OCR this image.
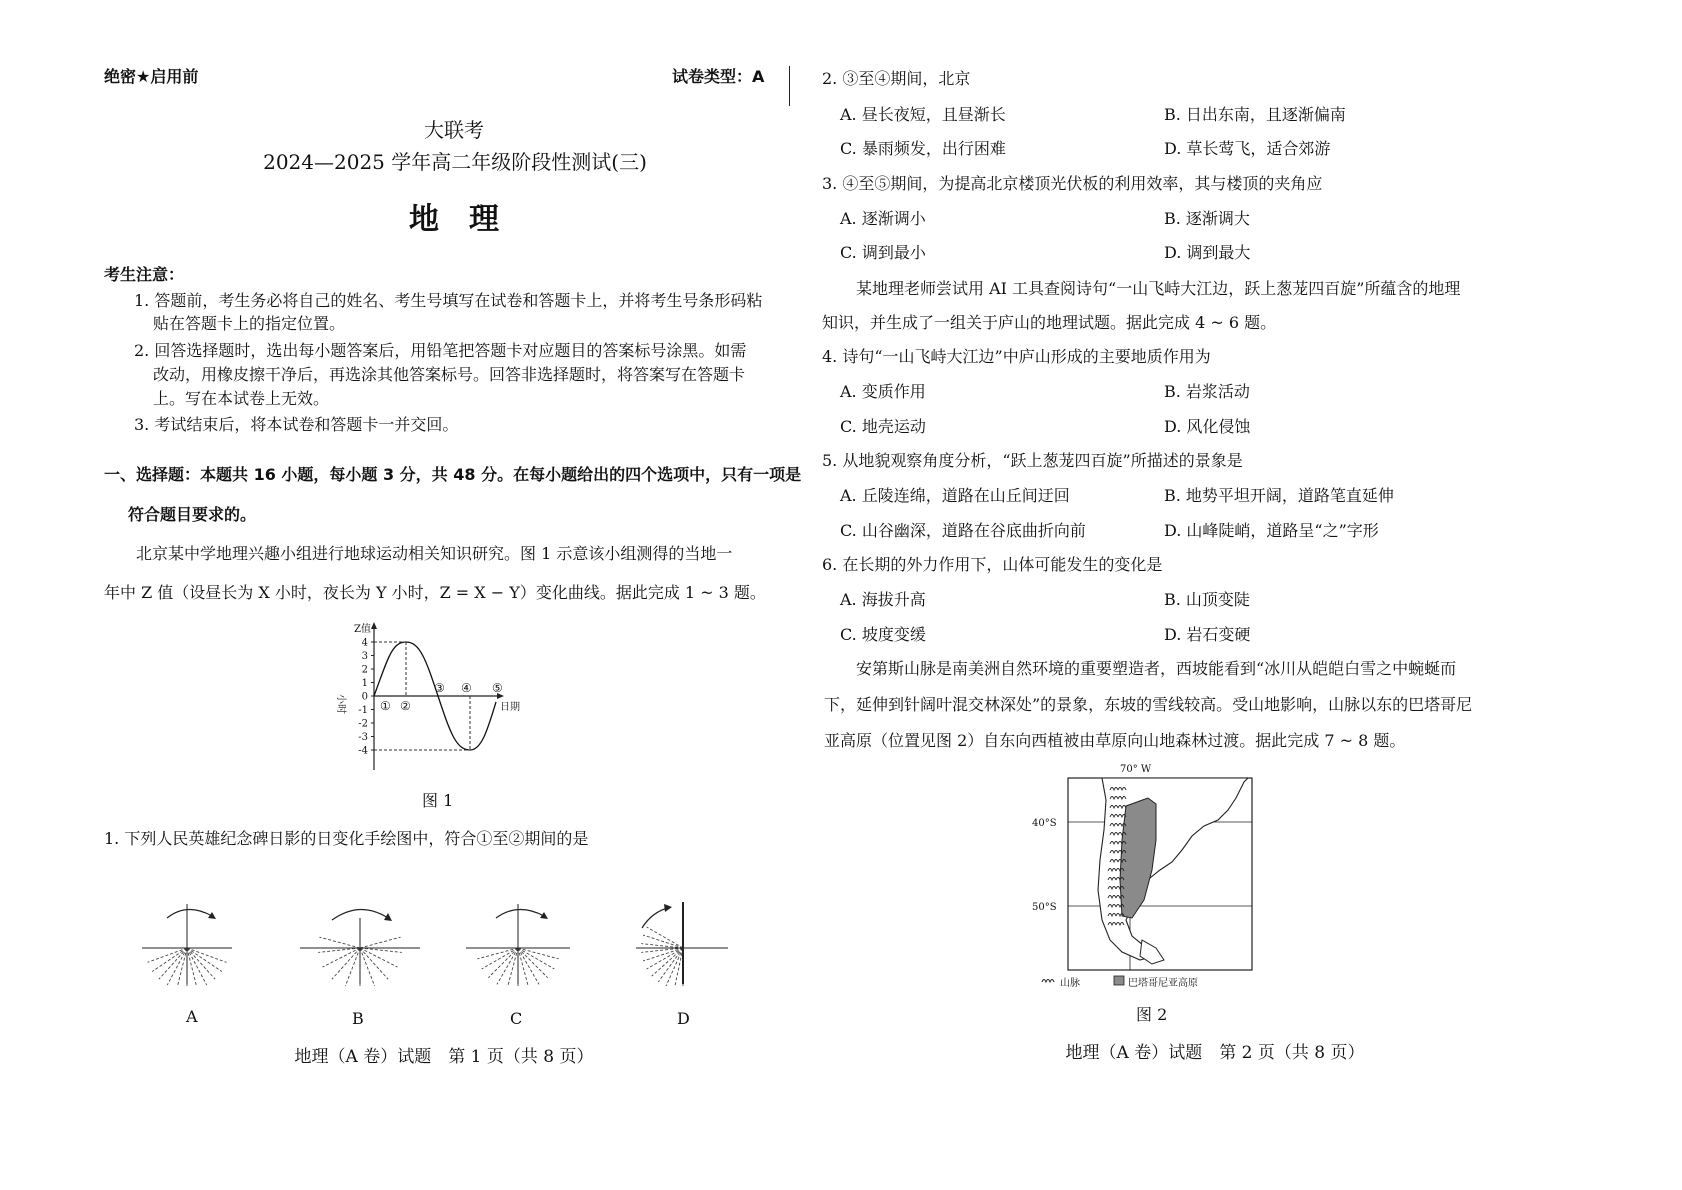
绝密★启用前	试卷类型：A
大联考
2024—2025 学年高二年级阶段性测试(三)
地　理
考生注意：
1. 答题前，考生务必将自己的姓名、考生号填写在试卷和答题卡上，并将考生号条形码粘
贴在答题卡上的指定位置。
2. 回答选择题时，选出每小题答案后，用铅笔把答题卡对应题目的答案标号涂黑。如需
改动，用橡皮擦干净后，再选涂其他答案标号。回答非选择题时，将答案写在答题卡
上。写在本试卷上无效。
3. 考试结束后，将本试卷和答题卡一并交回。
一、选择题：本题共 16 小题，每小题 3 分，共 48 分。在每小题给出的四个选项中，只有一项是
符合题目要求的。
北京某中学地理兴趣小组进行地球运动相关知识研究。图 1 示意该小组测得的当地一
年中 Z 值（设昼长为 X 小时，夜长为 Y 小时，Z = X − Y）变化曲线。据此完成 1 ~ 3 题。
4
3
2
1
0
-1
-2
-3
-4
Z值
小时	日期
① ②
③ ④ ⑤
图 1
1. 下列人民英雄纪念碑日影的日变化手绘图中，符合①至②期间的是
A	B	C	D
地理（A 卷）试题　第 1 页（共 8 页）
2. ③至④期间，北京
A. 昼长夜短，且昼渐长	B. 日出东南，且逐渐偏南
C. 暴雨频发，出行困难	D. 草长莺飞，适合郊游
3. ④至⑤期间，为提高北京楼顶光伏板的利用效率，其与楼顶的夹角应
A. 逐渐调小	B. 逐渐调大
C. 调到最小	D. 调到最大
某地理老师尝试用 AI 工具查阅诗句“一山飞峙大江边，跃上葱茏四百旋”所蕴含的地理
知识，并生成了一组关于庐山的地理试题。据此完成 4 ~ 6 题。
4. 诗句“一山飞峙大江边”中庐山形成的主要地质作用为
A. 变质作用	B. 岩浆活动
C. 地壳运动	D. 风化侵蚀
5. 从地貌观察角度分析，“跃上葱茏四百旋”所描述的景象是
A. 丘陵连绵，道路在山丘间迂回	B. 地势平坦开阔，道路笔直延伸
C. 山谷幽深，道路在谷底曲折向前	D. 山峰陡峭，道路呈“之”字形
6. 在长期的外力作用下，山体可能发生的变化是
A. 海拔升高	B. 山顶变陡
C. 坡度变缓	D. 岩石变硬
安第斯山脉是南美洲自然环境的重要塑造者，西坡能看到“冰川从皑皑白雪之中蜿蜒而
下，延伸到针阔叶混交林深处”的景象，东坡的雪线较高。受山地影响，山脉以东的巴塔哥尼
亚高原（位置见图 2）自东向西植被由草原向山地森林过渡。据此完成 7 ~ 8 题。
70° W
40°S
50°S
山脉	巴塔哥尼亚高原
图 2
地理（A 卷）试题　第 2 页（共 8 页）
